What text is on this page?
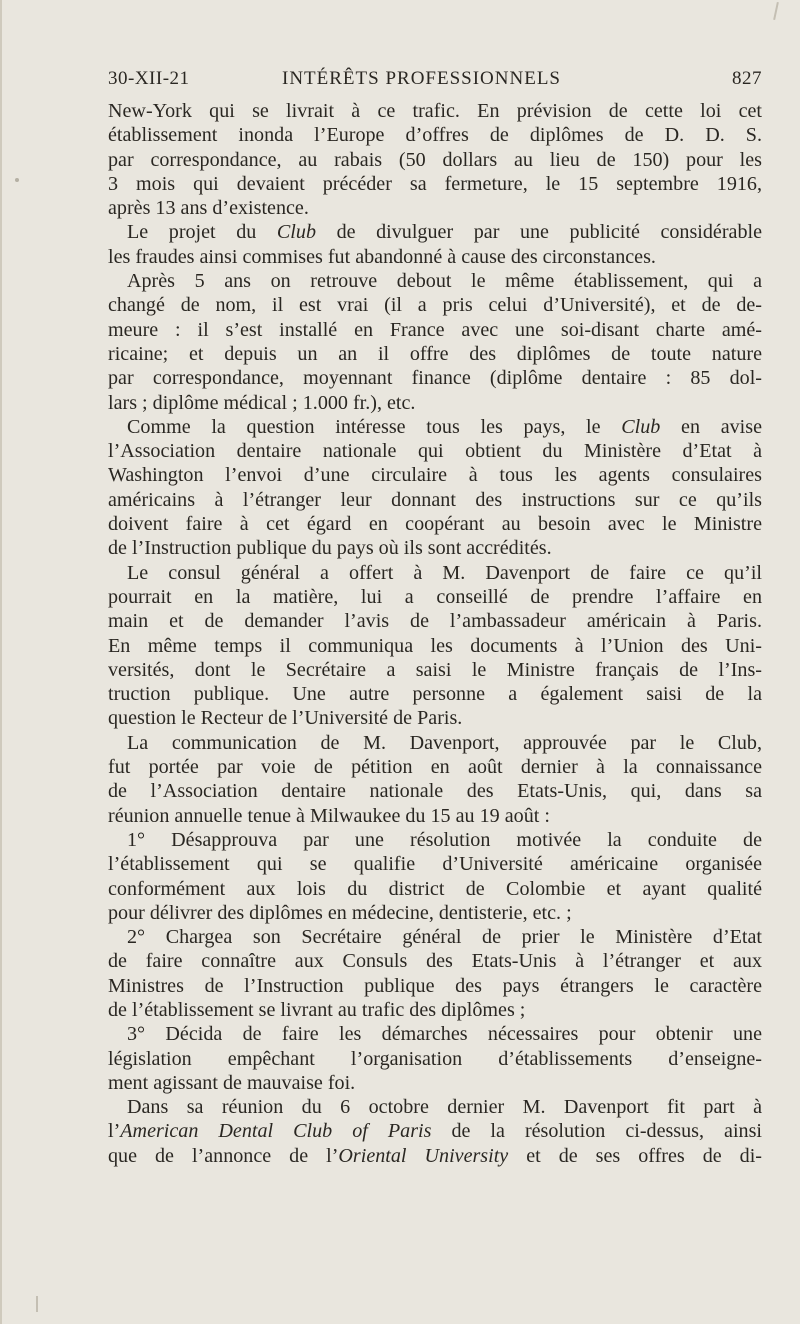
30-XII-21	INTÉRÊTS PROFESSIONNELS	827
New-York qui se livrait à ce trafic. En prévision de cette loi cet
établissement inonda l’Europe d’offres de diplômes de D. D. S.
par correspondance, au rabais (50 dollars au lieu de 150) pour les
3 mois qui devaient précéder sa fermeture, le 15 septembre 1916,
après 13 ans d’existence.
Le projet du Club de divulguer par une publicité considérable
les fraudes ainsi commises fut abandonné à cause des circonstances.
Après 5 ans on retrouve debout le même établissement, qui a
changé de nom, il est vrai (il a pris celui d’Université), et de de-
meure : il s’est installé en France avec une soi-disant charte amé-
ricaine; et depuis un an il offre des diplômes de toute nature
par correspondance, moyennant finance (diplôme dentaire : 85 dol-
lars ; diplôme médical ; 1.000 fr.), etc.
Comme la question intéresse tous les pays, le Club en avise
l’Association dentaire nationale qui obtient du Ministère d’Etat à
Washington l’envoi d’une circulaire à tous les agents consulaires
américains à l’étranger leur donnant des instructions sur ce qu’ils
doivent faire à cet égard en coopérant au besoin avec le Ministre
de l’Instruction publique du pays où ils sont accrédités.
Le consul général a offert à M. Davenport de faire ce qu’il
pourrait en la matière, lui a conseillé de prendre l’affaire en
main et de demander l’avis de l’ambassadeur américain à Paris.
En même temps il communiqua les documents à l’Union des Uni-
versités, dont le Secrétaire a saisi le Ministre français de l’Ins-
truction publique. Une autre personne a également saisi de la
question le Recteur de l’Université de Paris.
La communication de M. Davenport, approuvée par le Club,
fut portée par voie de pétition en août dernier à la connaissance
de l’Association dentaire nationale des Etats-Unis, qui, dans sa
réunion annuelle tenue à Milwaukee du 15 au 19 août :
1° Désapprouva par une résolution motivée la conduite de
l’établissement qui se qualifie d’Université américaine organisée
conformément aux lois du district de Colombie et ayant qualité
pour délivrer des diplômes en médecine, dentisterie, etc. ;
2° Chargea son Secrétaire général de prier le Ministère d’Etat
de faire connaître aux Consuls des Etats-Unis à l’étranger et aux
Ministres de l’Instruction publique des pays étrangers le caractère
de l’établissement se livrant au trafic des diplômes ;
3° Décida de faire les démarches nécessaires pour obtenir une
législation empêchant l’organisation d’établissements d’enseigne-
ment agissant de mauvaise foi.
Dans sa réunion du 6 octobre dernier M. Davenport fit part à
l’American Dental Club of Paris de la résolution ci-dessus, ainsi
que de l’annonce de l’Oriental University et de ses offres de di-
